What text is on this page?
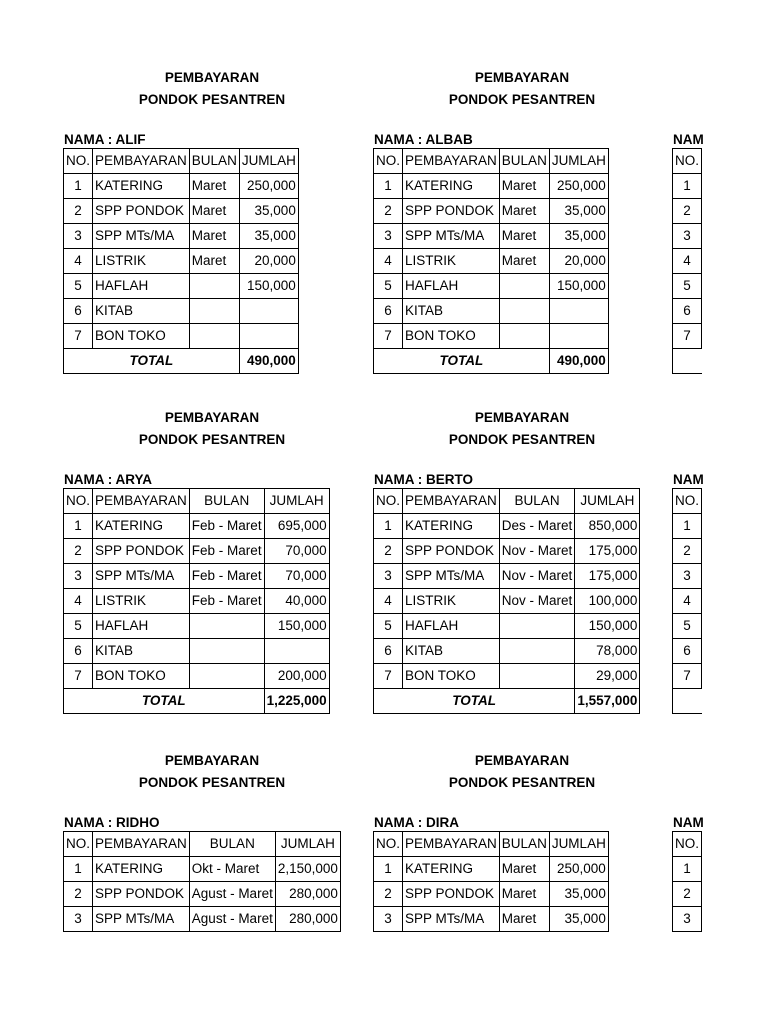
PEMBAYARAN
PONDOK PESANTREN
NAMA : ALIF
NO.	PEMBAYARAN	BULAN	JUMLAH
1	KATERING	Maret	250,000
2	SPP PONDOK	Maret	35,000
3	SPP MTs/MA	Maret	35,000
4	LISTRIK	Maret	20,000
5	HAFLAH		150,000
6	KITAB		
7	BON TOKO		
TOTAL			490,000
PEMBAYARAN
PONDOK PESANTREN
NAMA : ALBAB
NO.	PEMBAYARAN	BULAN	JUMLAH
1	KATERING	Maret	250,000
2	SPP PONDOK	Maret	35,000
3	SPP MTs/MA	Maret	35,000
4	LISTRIK	Maret	20,000
5	HAFLAH		150,000
6	KITAB		
7	BON TOKO		
TOTAL			490,000
PEMBAYARAN
PONDOK PESANTREN
NAMA : ARYA
NO.	PEMBAYARAN	BULAN	JUMLAH
1	KATERING	Feb - Maret	695,000
2	SPP PONDOK	Feb - Maret	70,000
3	SPP MTs/MA	Feb - Maret	70,000
4	LISTRIK	Feb - Maret	40,000
5	HAFLAH		150,000
6	KITAB		
7	BON TOKO		200,000
TOTAL			1,225,000
PEMBAYARAN
PONDOK PESANTREN
NAMA : BERTO
NO.	PEMBAYARAN	BULAN	JUMLAH
1	KATERING	Des - Maret	850,000
2	SPP PONDOK	Nov - Maret	175,000
3	SPP MTs/MA	Nov - Maret	175,000
4	LISTRIK	Nov - Maret	100,000
5	HAFLAH		150,000
6	KITAB		78,000
7	BON TOKO		29,000
TOTAL			1,557,000
PEMBAYARAN
PONDOK PESANTREN
NAMA : RIDHO
NO.	PEMBAYARAN	BULAN	JUMLAH
1	KATERING	Okt - Maret	2,150,000
2	SPP PONDOK	Agust - Maret	280,000
3	SPP MTs/MA	Agust - Maret	280,000
PEMBAYARAN
PONDOK PESANTREN
NAMA : DIRA
NO.	PEMBAYARAN	BULAN	JUMLAH
1	KATERING	Maret	250,000
2	SPP PONDOK	Maret	35,000
3	SPP MTs/MA	Maret	35,000
NAM
NO.
1
2
3
4
5
6
7

NAM
NO.
1
2
3
4
5
6
7

NAM
NO.
1
2
3
